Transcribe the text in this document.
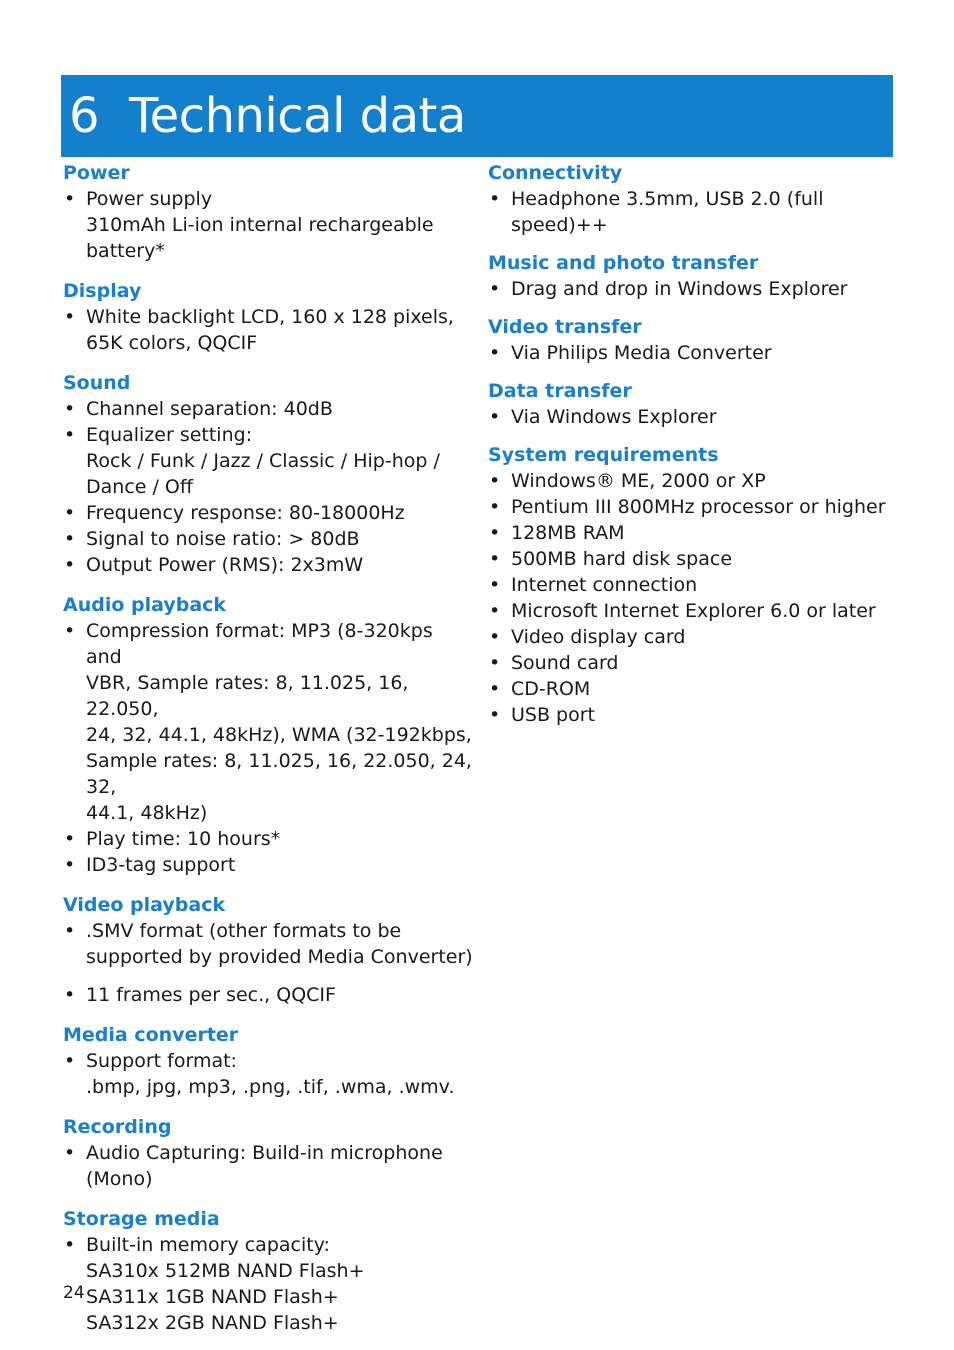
6 Technical data
Power
• Power supply
310mAh Li-ion internal rechargeable
battery*
Display
• White backlight LCD, 160 x 128 pixels,
65K colors, QQCIF
Sound
• Channel separation: 40dB
• Equalizer setting:
Rock / Funk / Jazz / Classic / Hip-hop /
Dance / Off
• Frequency response: 80-18000Hz
• Signal to noise ratio: > 80dB
• Output Power (RMS): 2x3mW
Audio playback
• Compression format: MP3 (8-320kps and
VBR, Sample rates: 8, 11.025, 16, 22.050,
24, 32, 44.1, 48kHz), WMA (32-192kbps,
Sample rates: 8, 11.025, 16, 22.050, 24, 32,
44.1, 48kHz)
• Play time: 10 hours*
• ID3-tag support
Video playback
• .SMV format (other formats to be
supported by provided Media Converter)
• 11 frames per sec., QQCIF
Media converter
• Support format:
.bmp, jpg, mp3, .png, .tif, .wma, .wmv.
Recording
• Audio Capturing: Build-in microphone
(Mono)
Storage media
• Built-in memory capacity:
SA310x 512MB NAND Flash+
SA311x 1GB NAND Flash+
SA312x 2GB NAND Flash+
Connectivity
• Headphone 3.5mm, USB 2.0 (full speed)++
Music and photo transfer
• Drag and drop in Windows Explorer
Video transfer
• Via Philips Media Converter
Data transfer
• Via Windows Explorer
System requirements
• Windows® ME, 2000 or XP
• Pentium III 800MHz processor or higher
• 128MB RAM
• 500MB hard disk space
• Internet connection
• Microsoft Internet Explorer 6.0 or later
• Video display card
• Sound card
• CD-ROM
• USB port
24
